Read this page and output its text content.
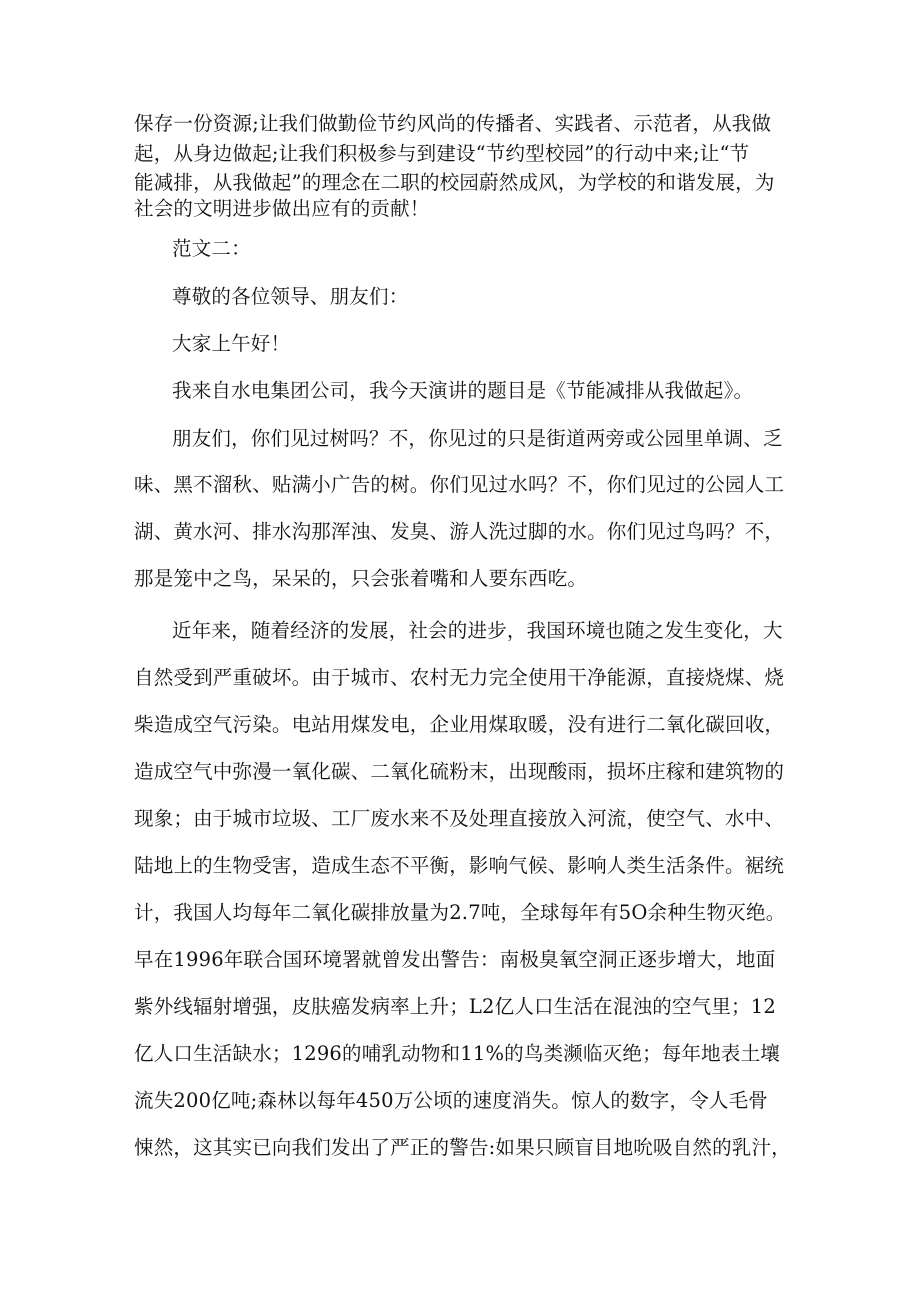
保存一份资源;让我们做勤俭节约风尚的传播者、实践者、示范者，从我做
起，从身边做起;让我们积极参与到建设“节约型校园”的行动中来;让“节
能减排，从我做起”的理念在二职的校园蔚然成风，为学校的和谐发展，为
社会的文明进步做出应有的贡献！
范文二：
尊敬的各位领导、朋友们：
大家上午好！
我来自水电集团公司，我今天演讲的题目是《节能减排从我做起》。
朋友们，你们见过树吗？不，你见过的只是街道两旁或公园里单调、乏
味、黑不溜秋、贴满小广告的树。你们见过水吗？不，你们见过的公园人工
湖、黄水河、排水沟那浑浊、发臭、游人洗过脚的水。你们见过鸟吗？不，
那是笼中之鸟，呆呆的，只会张着嘴和人要东西吃。
近年来，随着经济的发展，社会的进步，我国环境也随之发生变化，大
自然受到严重破坏。由于城市、农村无力完全使用干净能源，直接烧煤、烧
柴造成空气污染。电站用煤发电，企业用煤取暖，没有进行二氧化碳回收，
造成空气中弥漫一氧化碳、二氧化硫粉末，出现酸雨，损坏庄稼和建筑物的
现象；由于城市垃圾、工厂废水来不及处理直接放入河流，使空气、水中、
陆地上的生物受害，造成生态不平衡，影响气候、影响人类生活条件。裾统
计，我国人均每年二氧化碳排放量为2.7吨，全球每年有5O余种生物灭绝。
早在1996年联合国环境署就曾发出警告：南极臭氧空洞正逐步增大，地面
紫外线辐射增强，皮肤癌发病率上升；L2亿人口生活在混浊的空气里；12
亿人口生活缺水；1296的哺乳动物和11%的鸟类濒临灭绝；每年地表土壤
流失200亿吨;森林以每年450万公顷的速度消失。惊人的数字，令人毛骨
悚然，这其实已向我们发出了严正的警告:如果只顾盲目地吮吸自然的乳汁，
